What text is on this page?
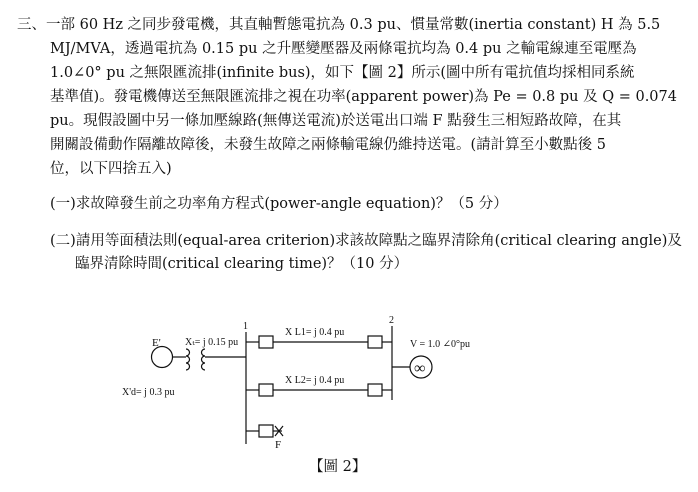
三、一部 60 Hz 之同步發電機，其直軸暫態電抗為 0.3 pu、慣量常數(inertia constant) H 為 5.5
MJ/MVA，透過電抗為 0.15 pu 之升壓變壓器及兩條電抗均為 0.4 pu 之輸電線連至電壓為
1.0∠0° pu 之無限匯流排(infinite bus)，如下【圖 2】所示(圖中所有電抗值均採相同系統
基準值)。發電機傳送至無限匯流排之視在功率(apparent power)為 Pe = 0.8 pu 及 Q = 0.074
pu。現假設圖中另一條加壓線路(無傳送電流)於送電出口端 F 點發生三相短路故障，在其
開關設備動作隔離故障後，未發生故障之兩條輸電線仍維持送電。(請計算至小數點後 5
位，以下四捨五入)
(一)求故障發生前之功率角方程式(power-angle equation)？（5 分）
(二)請用等面積法則(equal-area criterion)求該故障點之臨界清除角(critical clearing angle)及
臨界清除時間(critical clearing time)？（10 分）
1
2
E' Xₜ= j 0.15 pu
X L1= j 0.4 pu
X L2= j 0.4 pu
V = 1.0 ∠0°pu
X'd= j 0.3 pu
F
∞
【圖 2】
